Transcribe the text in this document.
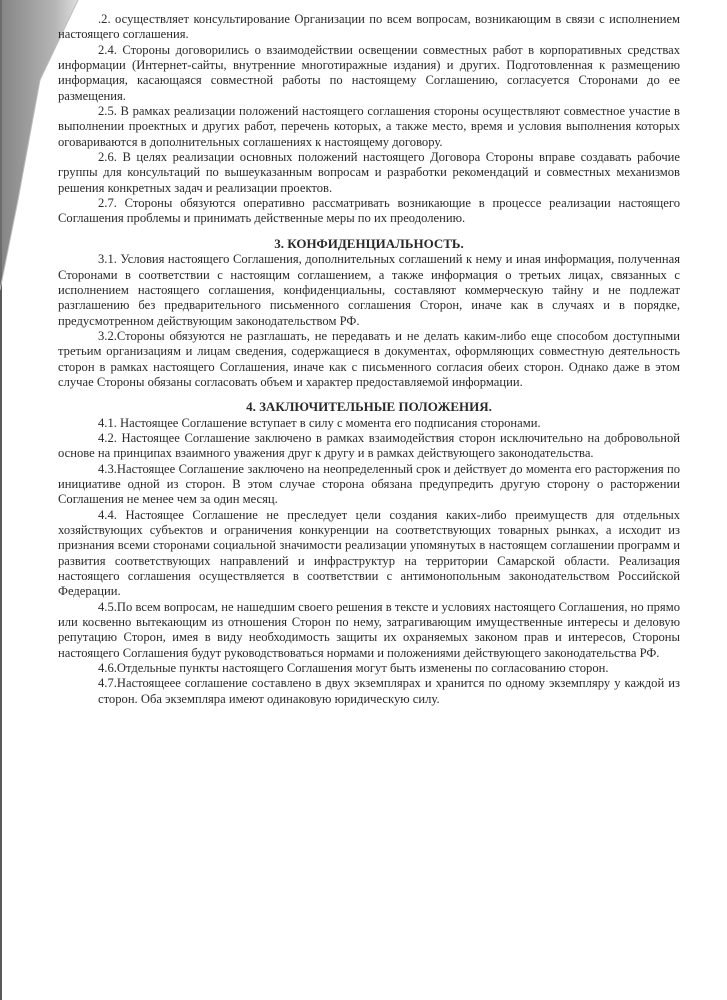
.2. осуществляет консультирование Организации по всем вопросам, возникающим в связи с исполнением настоящего соглашения.

2.4. Стороны договорились о взаимодействии освещении совместных работ в корпоративных средствах информации (Интернет-сайты, внутренние многотиражные издания) и других. Подготовленная к размещению информация, касающаяся совместной работы по настоящему Соглашению, согласуется Сторонами до ее размещения.

2.5. В рамках реализации положений настоящего соглашения стороны осуществляют совместное участие в выполнении проектных и других работ, перечень которых, а также место, время и условия выполнения которых оговариваются в дополнительных соглашениях к настоящему договору.

2.6. В целях реализации основных положений настоящего Договора Стороны вправе создавать рабочие группы для консультаций по вышеуказанным вопросам и разработки рекомендаций и совместных механизмов решения конкретных задач и реализации проектов.

2.7. Стороны обязуются оперативно рассматривать возникающие в процессе реализации настоящего Соглашения проблемы и принимать действенные меры по их преодолению.

3. КОНФИДЕНЦИАЛЬНОСТЬ.

3.1. Условия настоящего Соглашения, дополнительных соглашений к нему и иная информация, полученная Сторонами в соответствии с настоящим соглашением, а также информация о третьих лицах, связанных с исполнением настоящего соглашения, конфиденциальны, составляют коммерческую тайну и не подлежат разглашению без предварительного письменного соглашения Сторон, иначе как в случаях и в порядке, предусмотренном действующим законодательством РФ.

3.2.Стороны обязуются не разглашать, не передавать и не делать каким-либо еще способом доступными третьим организациям и лицам сведения, содержащиеся в документах, оформляющих совместную деятельность сторон в рамках настоящего Соглашения, иначе как с письменного согласия обеих сторон. Однако даже в этом случае Стороны обязаны согласовать объем и характер предоставляемой информации.

4. ЗАКЛЮЧИТЕЛЬНЫЕ ПОЛОЖЕНИЯ.

4.1. Настоящее Соглашение вступает в силу с момента его подписания сторонами.

4.2. Настоящее Соглашение заключено в рамках взаимодействия сторон исключительно на добровольной основе на принципах взаимного уважения друг к другу и в рамках действующего законодательства.

4.3.Настоящее Соглашение заключено на неопределенный срок и действует до момента его расторжения по инициативе одной из сторон. В этом случае сторона обязана предупредить другую сторону о расторжении Соглашения не менее чем за один месяц.

4.4. Настоящее Соглашение не преследует цели создания каких-либо преимуществ для отдельных хозяйствующих субъектов и ограничения конкуренции на соответствующих товарных рынках, а исходит из признания всеми сторонами социальной значимости реализации упомянутых в настоящем соглашении программ и развития соответствующих направлений и инфраструктур на территории Самарской области. Реализация настоящего соглашения осуществляется в соответствии с антимонопольным законодательством Российской Федерации.

4.5.По всем вопросам, не нашедшим своего решения в тексте и условиях настоящего Соглашения, но прямо или косвенно вытекающим из отношения Сторон по нему, затрагивающим имущественные интересы и деловую репутацию Сторон, имея в виду необходимость защиты их охраняемых законом прав и интересов, Стороны настоящего Соглашения будут руководствоваться нормами и положениями действующего законодательства РФ.

4.6.Отдельные пункты настоящего Соглашения могут быть изменены по согласованию сторон.

4.7.Настоящеее соглашение составлено в двух экземплярах и хранится по одному экземпляру у каждой из сторон. Оба экземпляра имеют одинаковую юридическую силу.
